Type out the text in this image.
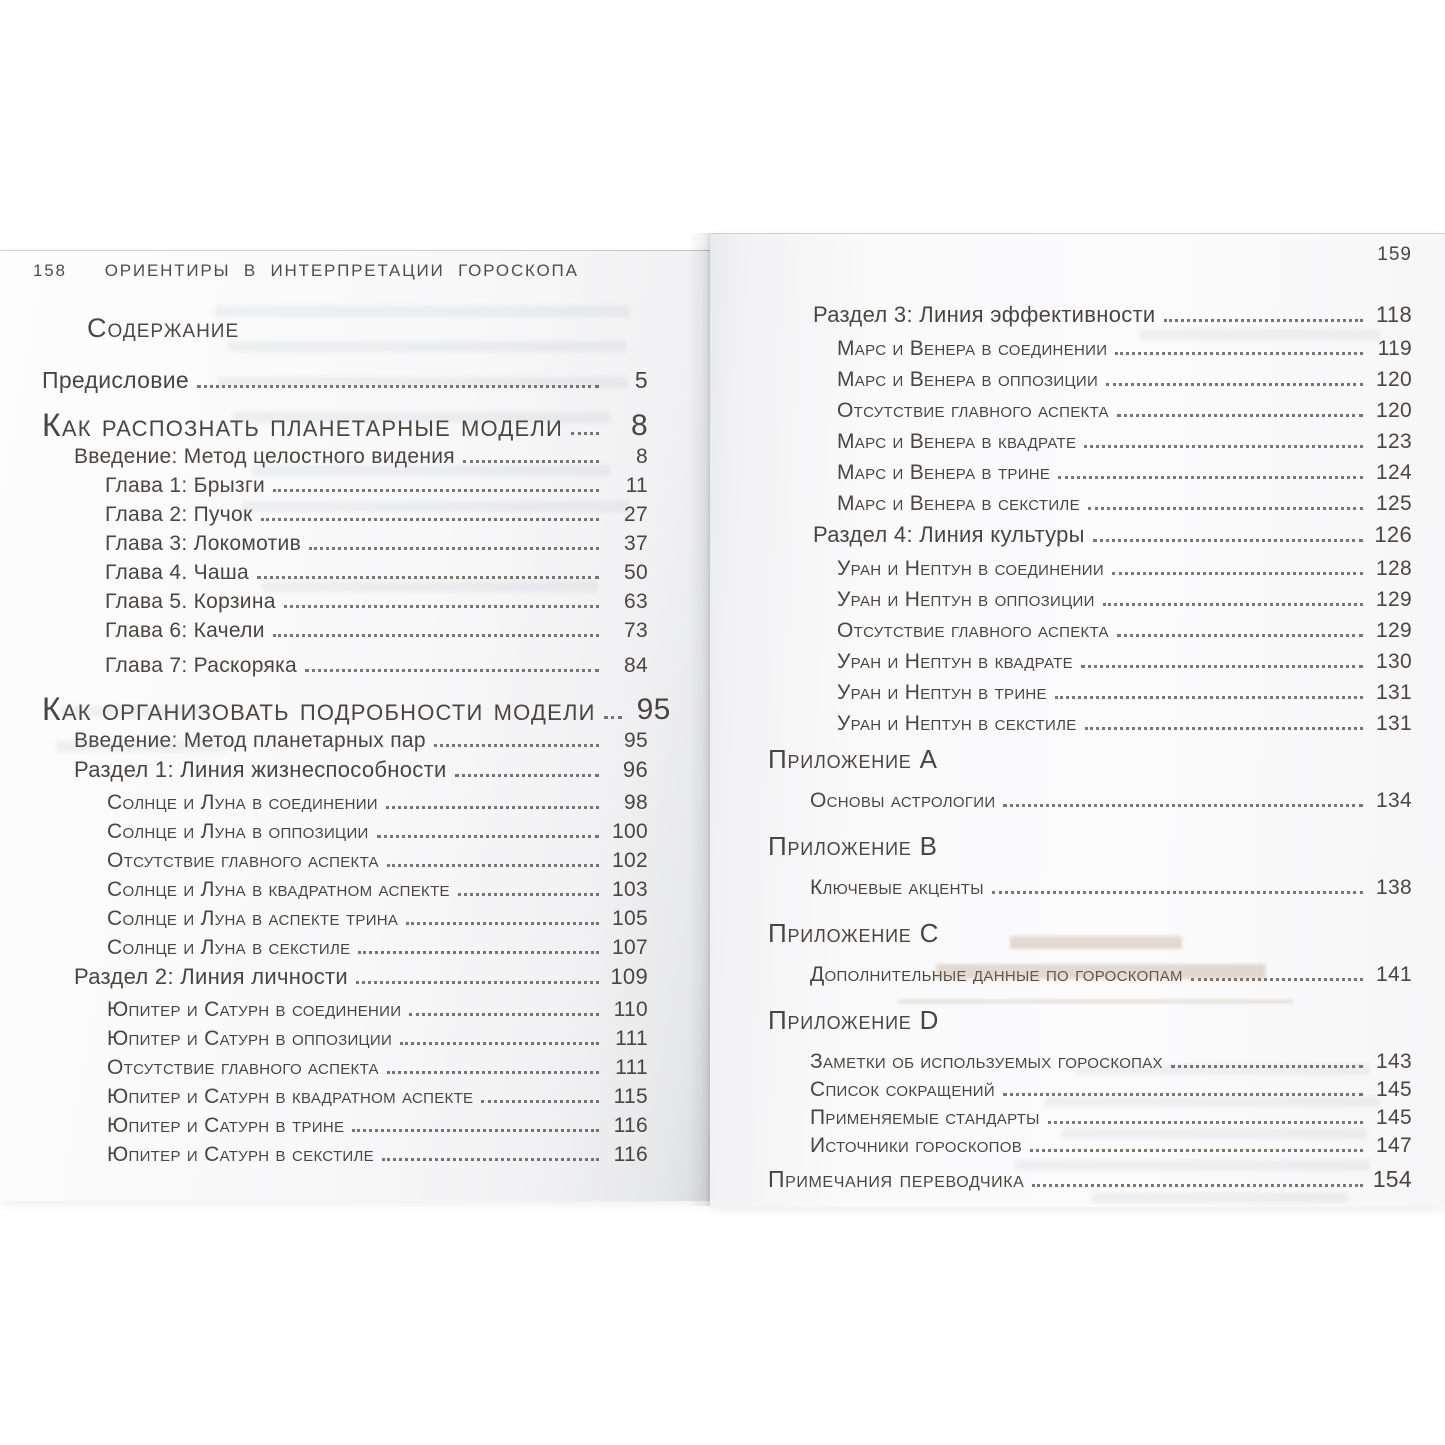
158 ОРИЕНТИРЫ В ИНТЕРПРЕТАЦИИ ГОРОСКОПА
Содержание
Предисловие	5
Как распознать планетарные модели	8
Введение: Метод целостного видения	8
Глава 1: Брызги	11
Глава 2: Пучок	27
Глава 3: Локомотив	37
Глава 4. Чаша	50
Глава 5. Корзина	63
Глава 6: Качели	73
Глава 7: Раскоряка	84
Как организовать подробности модели	95
Введение: Метод планетарных пар	95
Раздел 1: Линия жизнеспособности	96
Солнце и Луна в соединении	98
Солнце и Луна в оппозиции	100
Отсутствие главного аспекта	102
Солнце и Луна в квадратном аспекте	103
Солнце и Луна в аспекте трина	105
Солнце и Луна в секстиле	107
Раздел 2: Линия личности	109
Юпитер и Сатурн в соединении	110
Юпитер и Сатурн в оппозиции	111
Отсутствие главного аспекта	111
Юпитер и Сатурн в квадратном аспекте	115
Юпитер и Сатурн в трине	116
Юпитер и Сатурн в секстиле	116
159
Раздел 3: Линия эффективности	118
Марс и Венера в соединении	119
Марс и Венера в оппозиции	120
Отсутствие главного аспекта	120
Марс и Венера в квадрате	123
Марс и Венера в трине	124
Марс и Венера в секстиле	125
Раздел 4: Линия культуры	126
Уран и Нептун в соединении	128
Уран и Нептун в оппозиции	129
Отсутствие главного аспекта	129
Уран и Нептун в квадрате	130
Уран и Нептун в трине	131
Уран и Нептун в секстиле	131
Приложение A
Основы астрологии	134
Приложение B
Ключевые акценты	138
Приложение C
Дополнительные данные по гороскопам	141
Приложение D
Заметки об используемых гороскопах	143
Список сокращений	145
Применяемые стандарты	145
Источники гороскопов	147
Примечания переводчика	154
